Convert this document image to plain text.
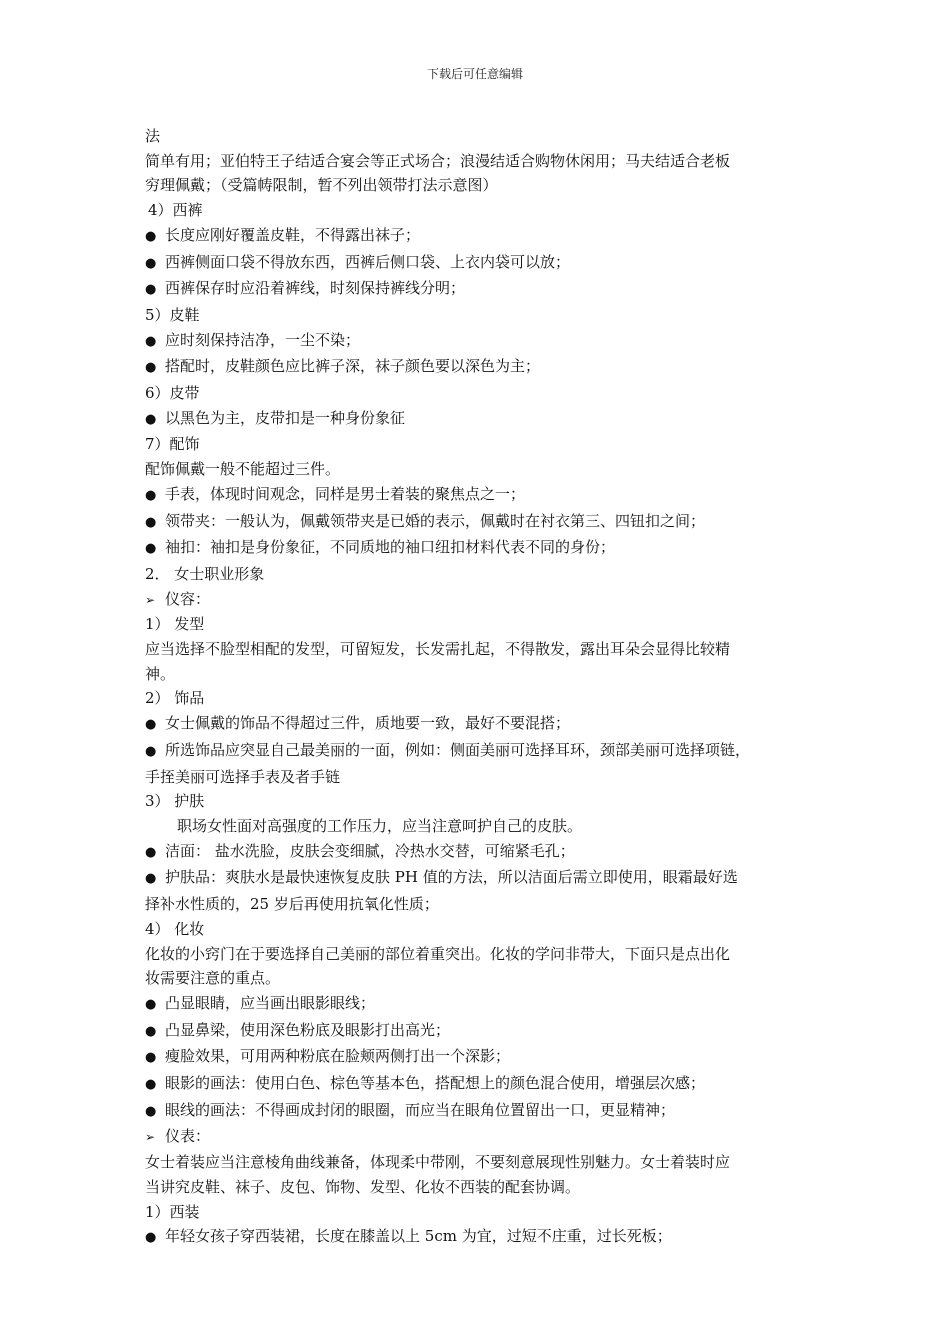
下载后可任意编辑
法
简单有用；亚伯特王子结适合宴会等正式场合；浪漫结适合购物休闲用；马夫结适合老板
穷理佩戴；（受篇帱限制，暂不列出领带打法示意图）
4）西裤
● 长度应刚好覆盖皮鞋，不得露出袜子；
● 西裤侧面口袋不得放东西，西裤后侧口袋、上衣内袋可以放；
● 西裤保存时应沿着裤线，时刻保持裤线分明；
5）皮鞋
● 应时刻保持洁净，一尘不染；
● 搭配时，皮鞋颜色应比裤子深，袜子颜色要以深色为主；
6）皮带
● 以黑色为主，皮带扣是一种身份象征
7）配饰
配饰佩戴一般不能超过三件。
● 手表，体现时间观念，同样是男士着装的聚焦点之一；
● 领带夹：一般认为，佩戴领带夹是已婚的表示，佩戴时在衬衣第三、四钮扣之间；
● 袖扣：袖扣是身份象征，不同质地的袖口纽扣材料代表不同的身份；
2． 女士职业形象
➢ 仪容：
1） 发型
应当选择不脸型相配的发型，可留短发，长发需扎起，不得散发，露出耳朵会显得比较精
神。
2） 饰品
● 女士佩戴的饰品不得超过三件，质地要一致，最好不要混搭；
● 所选饰品应突显自己最美丽的一面，例如：侧面美丽可选择耳环，颈部美丽可选择项链，
手挃美丽可选择手表及者手链
3） 护肤
职场女性面对高强度的工作压力，应当注意呵护自己的皮肤。
● 洁面： 盐水洗脸，皮肤会变细腻，冷热水交替，可缩紧毛孔；
● 护肤品：爽肤水是最快速恢复皮肤 PH 值的方法，所以洁面后需立即使用，眼霜最好选
择补水性质的，25 岁后再使用抗氧化性质；
4） 化妆
化妆的小窍门在于要选择自己美丽的部位着重突出。化妆的学问非带大，下面只是点出化
妆需要注意的重点。
● 凸显眼睛，应当画出眼影眼线；
● 凸显鼻梁，使用深色粉底及眼影打出高光；
● 瘦脸效果，可用两种粉底在脸颊两侧打出一个深影；
● 眼影的画法：使用白色、棕色等基本色，搭配想上的颜色混合使用，增强层次感；
● 眼线的画法：不得画成封闭的眼圈，而应当在眼角位置留出一口，更显精神；
➢ 仪表：
女士着装应当注意棱角曲线兼备，体现柔中带刚，不要刻意展现性别魅力。女士着装时应
当讲究皮鞋、袜子、皮包、饰物、发型、化妆不西装的配套协调。
1）西装
● 年轻女孩子穿西装裙，长度在膝盖以上 5cm 为宜，过短不庄重，过长死板；
